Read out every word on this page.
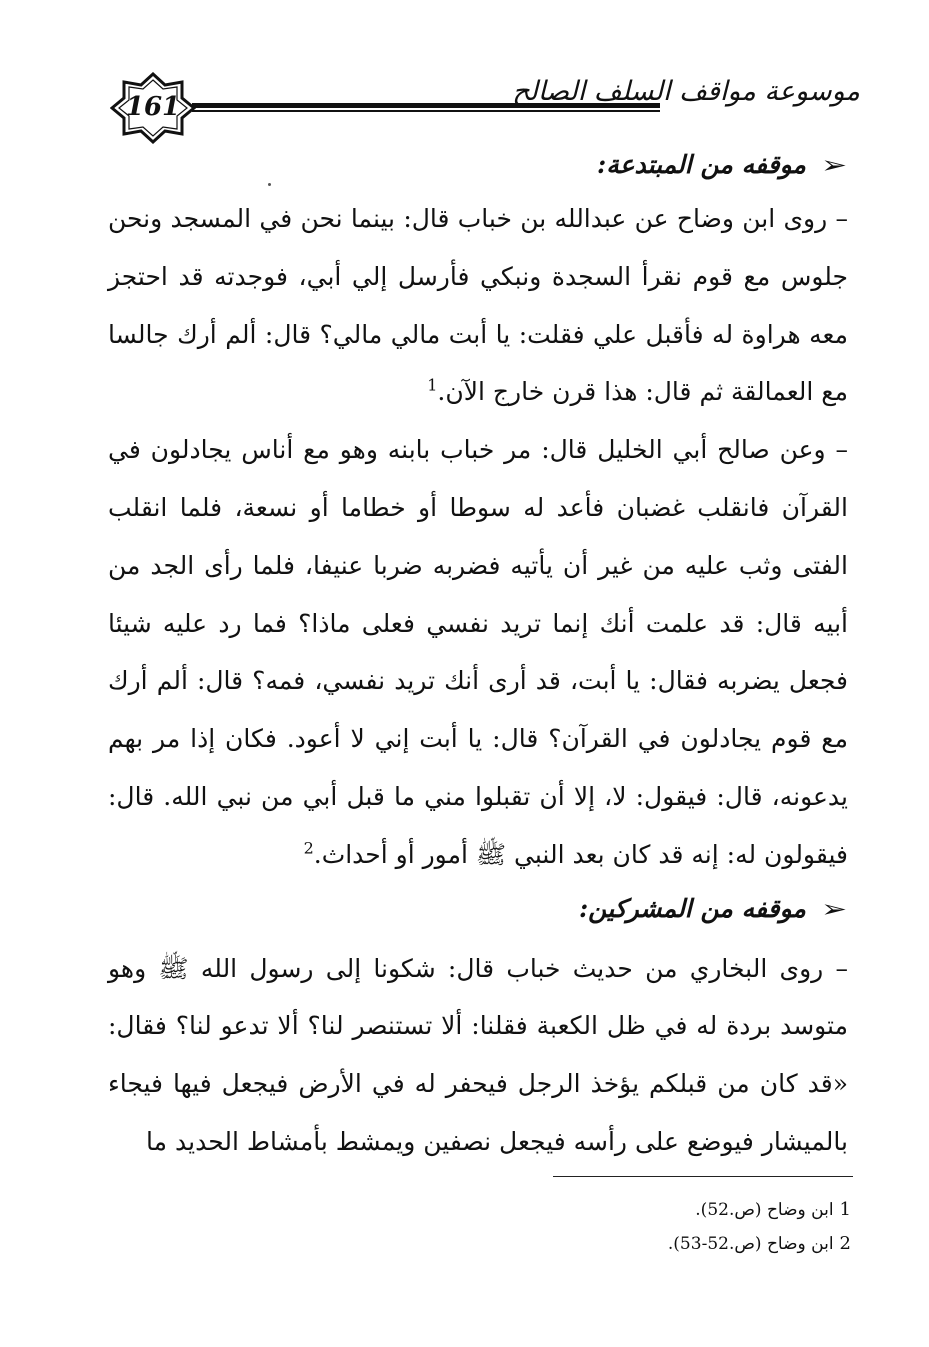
161	موسوعة مواقف السلف الصالح
➢موقفه من المبتدعة:

– روى ابن وضاح عن عبدالله بن خباب قال: بينما نحن في المسجد ونحن جلوس مع قوم نقرأ السجدة ونبكي فأرسل إلي أبي، فوجدته قد احتجز معه هراوة له فأقبل علي فقلت: يا أبت مالي مالي؟ قال: ألم أرك جالسا مع العمالقة ثم قال: هذا قرن خارج الآن.$^1$

– وعن صالح أبي الخليل قال: مر خباب بابنه وهو مع أناس يجادلون في القرآن فانقلب غضبان فأعد له سوطا أو خطاما أو نسعة، فلما انقلب الفتى وثب عليه من غير أن يأتيه فضربه ضربا عنيفا، فلما رأى الجد من أبيه قال: قد علمت أنك إنما تريد نفسي فعلى ماذا؟ فما رد عليه شيئا فجعل يضربه فقال: يا أبت، قد أرى أنك تريد نفسي، فمه؟ قال: ألم أرك مع قوم يجادلون في القرآن؟ قال: يا أبت إني لا أعود. فكان إذا مر بهم يدعونه، قال: فيقول: لا، إلا أن تقبلوا مني ما قبل أبي من نبي الله. قال: فيقولون له: إنه قد كان بعد النبي ﷺ أمور أو أحداث.$^2$

➢موقفه من المشركين:

– روى البخاري من حديث خباب قال: شكونا إلى رسول الله ﷺ وهو متوسد بردة له في ظل الكعبة فقلنا: ألا تستنصر لنا؟ ألا تدعو لنا؟ فقال: «قد كان من قبلكم يؤخذ الرجل فيحفر له في الأرض فيجعل فيها فيجاء بالميشار فيوضع على رأسه فيجعل نصفين ويمشط بأمشاط الحديد ما

1ابن وضاح (ص.52).
2ابن وضاح (ص.52-53).
